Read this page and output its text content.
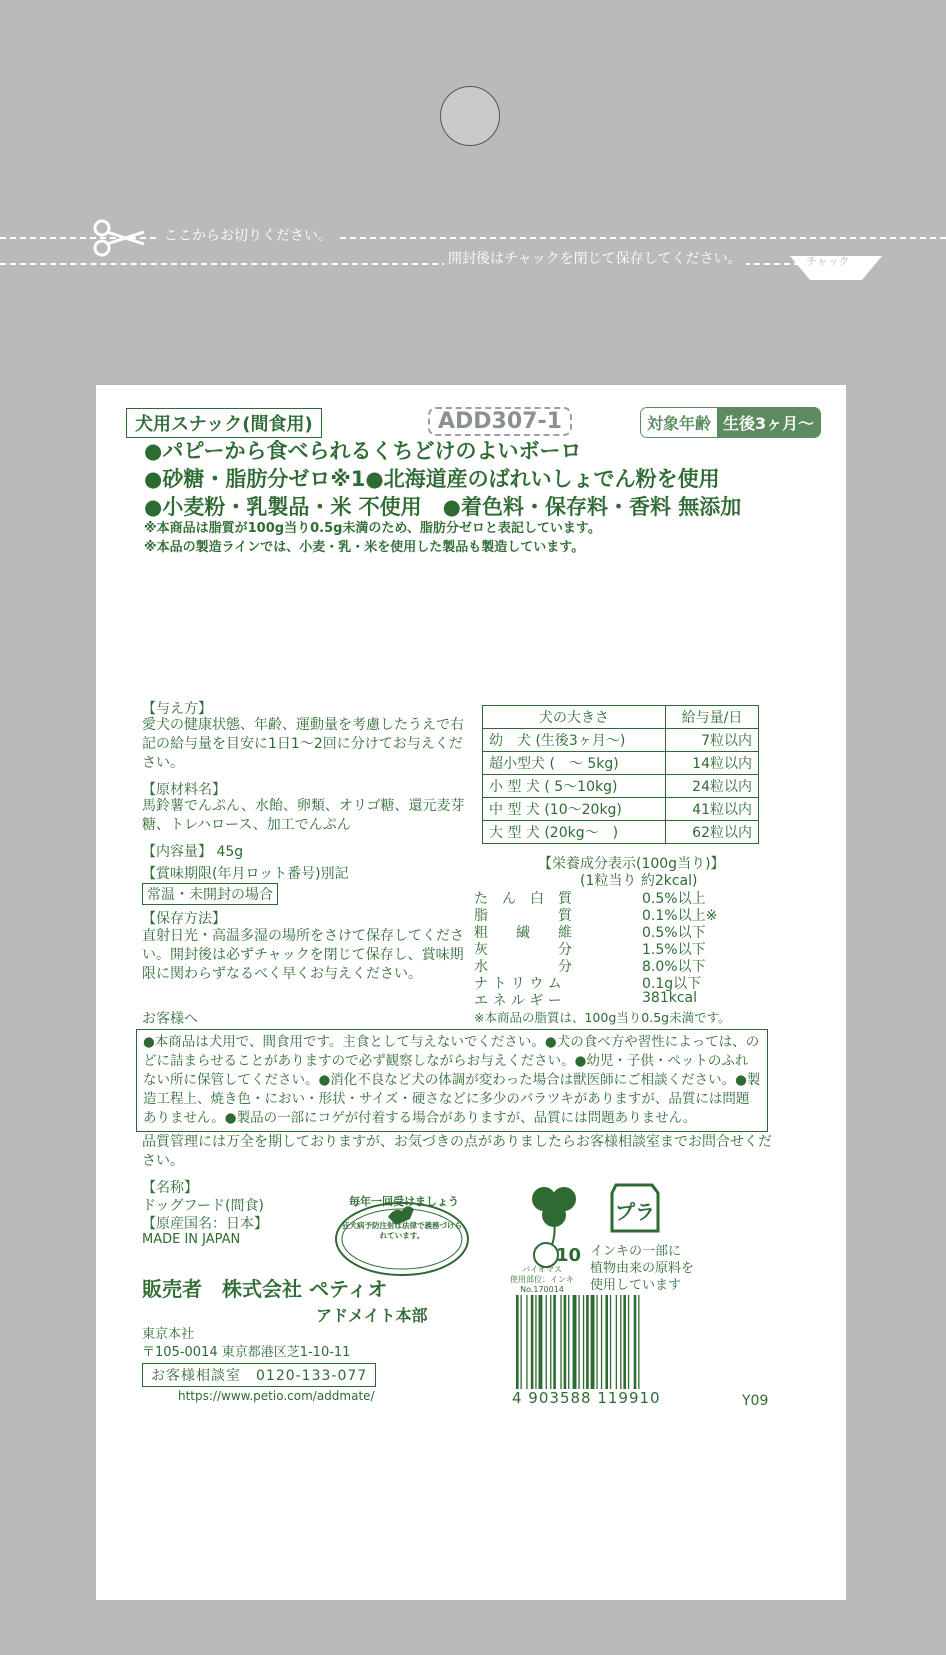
ここからお切りください。
開封後はチャックを閉じて保存してください。	チャック
犬用スナック(間食用)	ADD307-1	対象年齢 生後3ヶ月〜
●パピーから食べられるくちどけのよいボーロ
●砂糖・脂肪分ゼロ※1●北海道産のばれいしょでん粉を使用
●小麦粉・乳製品・米 不使用　●着色料・保存料・香料 無添加
※本商品は脂質が100g当り0.5g未満のため、脂肪分ゼロと表記しています。
※本品の製造ラインでは、小麦・乳・米を使用した製品も製造しています。
【与え方】
愛犬の健康状態、年齢、運動量を考慮したうえで右記の給与量を目安に1日1〜2回に分けてお与えください。
【原材料名】
馬鈴薯でんぷん、水飴、卵類、オリゴ糖、還元麦芽糖、トレハロース、加工でんぷん
【内容量】 45g
【賞味期限(年月ロット番号)別記
常温・未開封の場合
【保存方法】
直射日光・高温多湿の場所をさけて保存してください。開封後は必ずチャックを閉じて保存し、賞味期限に関わらずなるべく早くお与えください。
お客様へ
犬の大きさ	給与量/日
幼　犬 (生後3ヶ月〜)	7粒以内
超小型犬 (　〜 5kg)	14粒以内
小 型 犬 ( 5〜10kg)	24粒以内
中 型 犬 (10〜20kg)	41粒以内
大 型 犬 (20kg〜　)	62粒以内
【栄養成分表示(100g当り)】
(1粒当り 約2kcal)
た　ん　白　質	0.5%以上
脂　　　　　質	0.1%以上※
粗　　繊　　維	0.5%以下
灰　　　　　分	1.5%以下
水　　　　　分	8.0%以下
ナ ト リ ウ ム	0.1g以下
エ ネ ル ギ ー	381kcal
※本商品の脂質は、100g当り0.5g未満です。
●本商品は犬用で、間食用です。主食として与えないでください。●犬の食べ方や習性によっては、のどに詰まらせることがありますので必ず観察しながらお与えください。●幼児・子供・ペットのふれない所に保管してください。●消化不良など犬の体調が変わった場合は獣医師にご相談ください。●製造工程上、焼き色・におい・形状・サイズ・硬さなどに多少のバラツキがありますが、品質には問題ありません。●製品の一部にコゲが付着する場合がありますが、品質には問題ありません。
品質管理には万全を期しておりますが、お気づきの点がありましたらお客様相談室までお問合せください。
【名称】
ドッグフード(間食)
【原産国名：日本】
MADE IN JAPAN
毎年一回受けましょう
狂犬病予防注射は法律で義務づけられています。
販売者　株式会社 ペティオ
アドメイト本部
東京本社
〒105-0014 東京都港区芝1-10-11
お客様相談室　0120-133-077
https://www.petio.com/addmate/
10
バイオマス
使用部位：インキ
No.170014
プラ
インキの一部に
植物由来の原料を
使用しています
4 903588 119910	Y09
